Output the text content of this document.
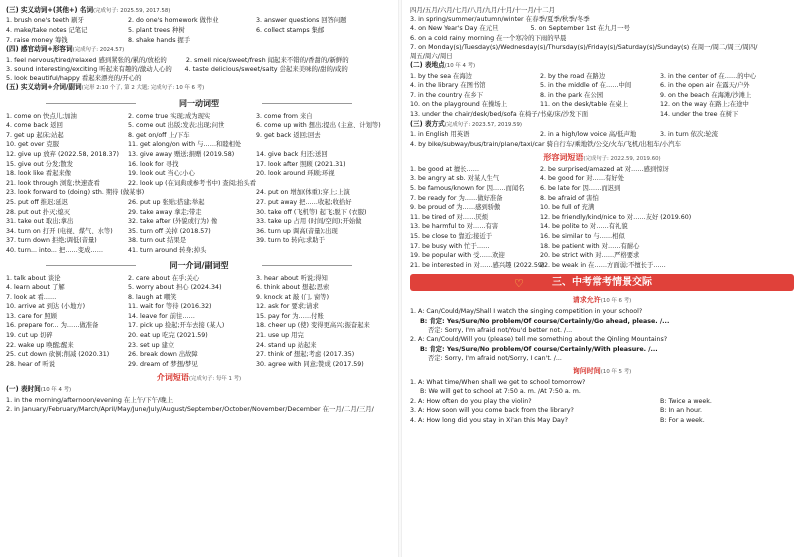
(三) 实义动词+(其他+) 名词(完成句子: 2025.59, 2017.58)
1. brush one's teeth 刷牙	2. do one's homework 做作业	3. answer questions 回答问题
4. make/take notes 记笔记	5. plant trees 种树	6. collect stamps 集邮
7. raise money 筹钱	8. shake hands 握手
(四) 感官动词+形容词(完成句子: 2024.57)
1. feel nervous/tired/relaxed 感到紧张的/累的/放松的　　　2. smell nice/sweet/fresh 闻起来不错的/香甜的/新鲜的
3. sound interesting/exciting 听起来有趣的/激动人心的　　4. taste delicious/sweet/salty 尝起来美味的/甜的/咸的
5. look beautiful/happy 看起来漂亮的/开心的
(五) 实义动词+介词/副词(完形 2:10 个了, 第 2 大题; 完成句子: 10 年 6 考)
同一动词型
1. come on 快点儿;加油	2. come true 实现;成为现实	3. come from 来自
4. come back 返回	5. come out 出版;发表;出现;问世	6. come up with 想出;提出 (主意、计划等)
7. get up 起床;站起	8. get on/off 上/下车	9. get back 返回;回去
10. get over 克服	11. get along/on with 与……和睦相处
12. give up 放弃 (2022.58, 2018.37)	13. give away 赠送;捐赠 (2019.58)	14. give back 归还;送回
15. give out 分发;散发	16. look for 寻找	17. look after 照顾 (2021.31)
18. look like 看起来像	19. look out 当心;小心	20. look around 环顾;环视
21. look through 浏览;快速查看	22. look up (在词典或参考书中) 查阅;抬头看
23. look forward to (doing) sth. 期待 (做某事)	24. put on 增加(体重);穿上;上演
25. put off 推迟;延迟	26. put up 张贴;搭建;举起	27. put away 把……收起;收拾好
28. put out 扑灭;熄灭	29. take away 拿走;带走	30. take off (飞机等) 起飞;脱下 (衣服)
31. take out 取出;拿出	32. take after (外貌或行为) 像	33. take up 占用 (时间/空间);开始做
34. turn on 打开 (电视、煤气、水等)	35. turn off 关掉 (2018.57)	36. turn up 调高(音量);出现
37. turn down 拒绝;调低(音量)	38. turn out 结果是	39. turn to 转向;求助于
40. turn... into... 把……变成……	41. turn around 转身;掉头
同一介词/副词型
1. talk about 谈论	2. care about 在乎;关心	3. hear about 听说;得知
4. learn about 了解	5. worry about 担心 (2024.34)	6. think about 想起;思索
7. look at 看……	8. laugh at 嘲笑	9. knock at 敲 (门, 窗等)
10. arrive at 到达 (小地方)	11. wait for 等待 (2016.32)	12. ask for 要求;请求
13. care for 照顾	14. leave for 前往……	15. pay for 为……付账
16. prepare for... 为……做准备	17. pick up 捡起;开车去接 (某人)	18. cheer up (使) 变得更高兴;振奋起来
19. cut up 切碎	20. eat up 吃完 (2021.59)	21. use up 用完
22. wake up 唤醒;醒来	23. set up 建立	24. stand up 站起来
25. cut down 砍倒;削减 (2020.31)	26. break down 出故障	27. think of 想起;考虑 (2017.35)
28. hear of 听说	29. dream of 梦想/梦见	30. agree with 同意;赞成 (2017.59)
介词短语(完成句子: 每年 1 考)
(一) 表时间(10 年 4 考)
1. in the morning/afternoon/evening 在上午/下午/晚上
2. in January/February/March/April/May/June/July/August/September/October/November/December 在一月/二月/三月/
四月/五月/六月/七月/八月/九月/十月/十一月/十二月
3. in spring/summer/autumn/winter 在春季/夏季/秋季/冬季
4. on New Year's Day 在元旦　　　　　5. on September 1st 在九月一号
6. on a cold rainy morning 在一个寒冷的下雨的早晨
7. on Monday(s)/Tuesday(s)/Wednesday(s)/Thursday(s)/Friday(s)/Saturday(s)/Sunday(s) 在周一/周二/周三/周四/
周五/周六/周日
(二) 表地点(10 年 4 考)
1. by the sea 在海边	2. by the road 在路边	3. in the center of 在……的中心
4. in the library 在图书馆	5. in the middle of 在……中间	6. in the open air 在露天/户外
7. in the country 在乡下	8. in the park 在公园	9. on the beach 在海滩/沙滩上
10. on the playground 在操场上	11. on the desk/table 在桌上	12. on the way 在路上;在途中
13. under the chair/desk/bed/sofa 在椅子/书桌/床/沙发下面	14. under the tree 在树下
(三) 表方式(完成句子: 2023.57, 2019.59)
1. in English 用英语	2. in a high/low voice 高/低声地	3. in turn 依次;轮流
4. by bike/subway/bus/train/plane/taxi/car 骑自行车/乘地铁/公交/火车/飞机/出租车/小汽车
形容词短语(完成句子: 2022.59, 2019.60)
1. be good at 擅长……	2. be surprised/amazed at 对……感到惊讶
3. be angry at sb. 对某人生气	4. be good for 对……有好处
5. be famous/known for 因……而闻名	6. be late for 因……而迟到
7. be ready for 为……做好准备	8. be afraid of 害怕
9. be proud of 为……感到骄傲	10. be full of 充满
11. be tired of 对……厌烦	12. be friendly/kind/nice to 对……友好 (2019.60)
13. be harmful to 对……有害	14. be polite to 对……有礼貌
15. be close to 靠近;接近于	16. be similar to 与……相似
17. be busy with 忙于……	18. be patient with 对……有耐心
19. be popular with 受……欢迎	20. be strict with 对……严格要求
21. be interested in 对……感兴趣 (2022.59)
22. be weak in 在……方面弱;不擅长于……
♡	三、中考常考情景交际
请求允许(10 年 6 考)
1. A: Can/Could/May/Shall I watch the singing competition in your school?
B: 肯定: Yes/Sure/No problem/Of course/Certainly/Go ahead, please. /...
否定: Sorry, I'm afraid not/You'd better not. /...
2. A: Can/Could/Will you (please) tell me something about the Qinling Mountains?
B: 肯定: Yes/Sure/No problem/Of course/Certainly/With pleasure. /...
否定: Sorry, I'm afraid not/Sorry, I can't. /...
询问时间(10 年 5 考)
1. A: What time/When shall we get to school tomorrow?
B: We will get to school at 7:50 a. m. /At 7:50 a. m.
2. A: How often do you play the violin?	B: Twice a week.
3. A: How soon will you come back from the library?	B: In an hour.
4. A: How long did you stay in Xi'an this May Day?	B: For a week.
